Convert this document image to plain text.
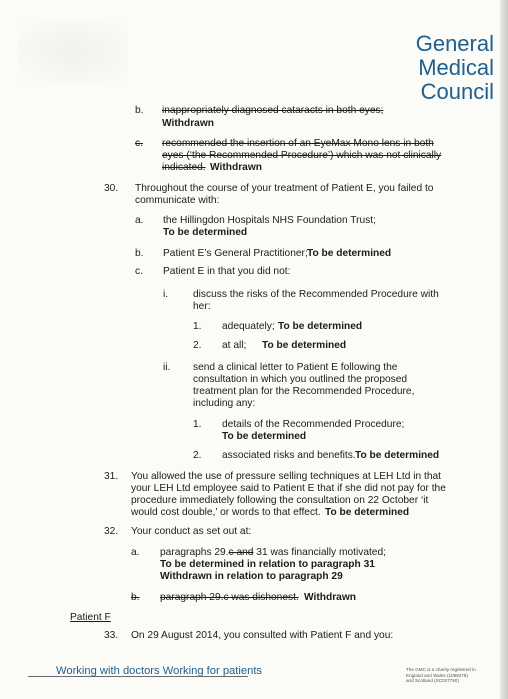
General
Medical
Council
b. inappropriately diagnosed cataracts in both eyes;
Withdrawn
c. recommended the insertion of an EyeMax Mono lens in both
eyes (‘the Recommended Procedure’) which was not clinically
indicated. Withdrawn
30. Throughout the course of your treatment of Patient E, you failed to
communicate with:
a. the Hillingdon Hospitals NHS Foundation Trust;
To be determined
b. Patient E’s General Practitioner; To be determined
c. Patient E in that you did not:
i. discuss the risks of the Recommended Procedure with
her:
1. adequately; To be determined
2. at all; To be determined
ii. send a clinical letter to Patient E following the
consultation in which you outlined the proposed
treatment plan for the Recommended Procedure,
including any:
1. details of the Recommended Procedure;
To be determined
2. associated risks and benefits. To be determined
31. You allowed the use of pressure selling techniques at LEH Ltd in that
your LEH Ltd employee said to Patient E that if she did not pay for the
procedure immediately following the consultation on 22 October ‘it
would cost double,’ or words to that effect. To be determined
32. Your conduct as set out at:
a. paragraphs 29.c and 31 was financially motivated;
To be determined in relation to paragraph 31
Withdrawn in relation to paragraph 29
b. paragraph 29.c was dishonest. Withdrawn
Patient F
33. On 29 August 2014, you consulted with Patient F and you:
Working with doctors Working for patients	The GMC is a charity registered in
England and Wales (1089278)
and Scotland (SC037750)
